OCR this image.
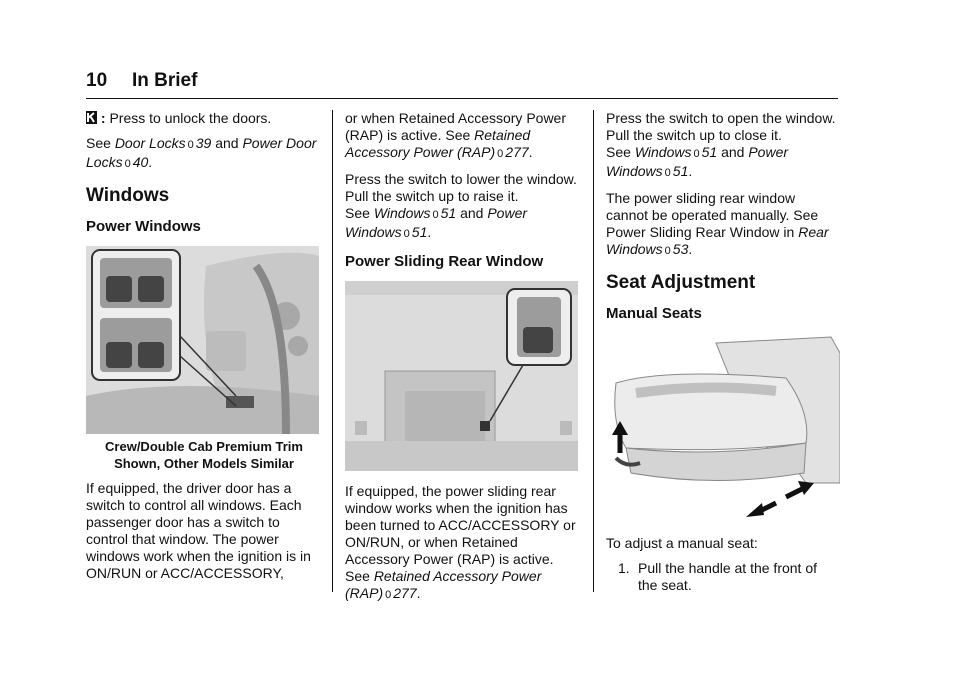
10 In Brief

: Press to unlock the doors.

See Door Locks 0 39 and Power Door Locks 0 40.

Windows
Power Windows
Crew/Double Cab Premium Trim
Shown, Other Models Similar

If equipped, the driver door has a switch to control all windows. Each passenger door has a switch to control that window. The power windows work when the ignition is in ON/RUN or ACC/ACCESSORY,

or when Retained Accessory Power (RAP) is active. See Retained Accessory Power (RAP) 0 277.

Press the switch to lower the window. Pull the switch up to raise it.
See Windows 0 51 and Power Windows 0 51.

Power Sliding Rear Window

If equipped, the power sliding rear window works when the ignition has been turned to ACC/ACCESSORY or ON/RUN, or when Retained Accessory Power (RAP) is active.
See Retained Accessory Power (RAP) 0 277.

Press the switch to open the window. Pull the switch up to close it.
See Windows 0 51 and Power Windows 0 51.

The power sliding rear window cannot be operated manually. See Power Sliding Rear Window in Rear Windows 0 53.

Seat Adjustment
Manual Seats

To adjust a manual seat:

1. Pull the handle at the front of the seat.
